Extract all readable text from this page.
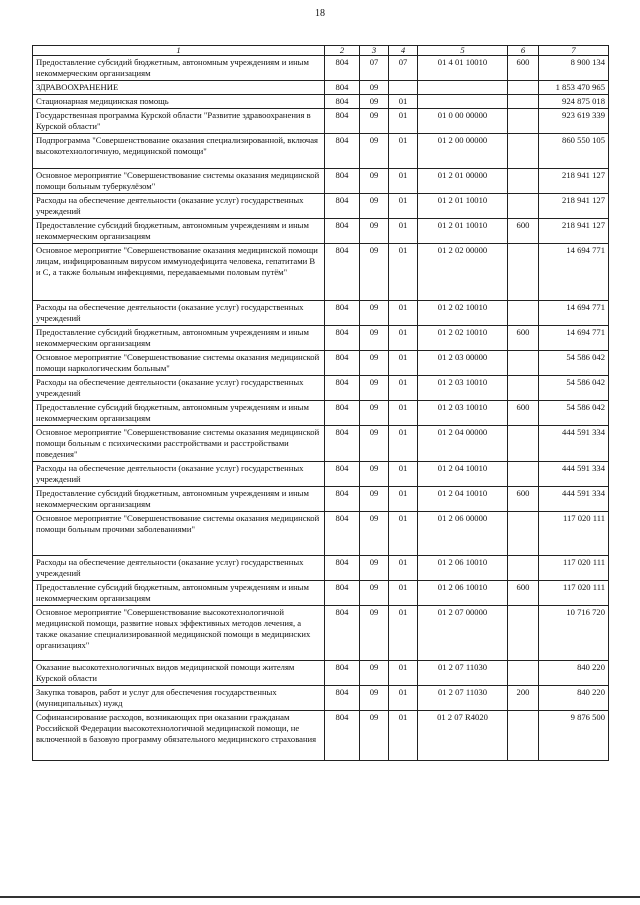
18
1	2	3	4	5	6	7
Предоставление субсидий бюджетным, автономным учреждениям и иным некоммерческим организациям	804	07	07	01 4 01 10010	600	8 900 134
ЗДРАВООХРАНЕНИЕ	804	09				1 853 470 965
Стационарная медицинская помощь	804	09	01			924 875 018
Государственная программа Курской области "Развитие здравоохранения в Курской области"	804	09	01	01 0 00 00000		923 619 339
Подпрограмма "Совершенствование оказания специализированной, включая высокотехнологичную, медицинской помощи"	804	09	01	01 2 00 00000		860 550 105
Основное мероприятие "Совершенствование системы оказания медицинской помощи больным туберкулёзом"	804	09	01	01 2 01 00000		218 941 127
Расходы на обеспечение деятельности (оказание услуг) государственных учреждений	804	09	01	01 2 01 10010		218 941 127
Предоставление субсидий бюджетным, автономным учреждениям и иным некоммерческим организациям	804	09	01	01 2 01 10010	600	218 941 127
Основное мероприятие "Совершенствование оказания медицинской помощи лицам, инфицированным вирусом иммунодефицита человека, гепатитами В и С, а также больным инфекциями, передаваемыми половым путём"	804	09	01	01 2 02 00000		14 694 771
Расходы на обеспечение деятельности (оказание услуг) государственных учреждений	804	09	01	01 2 02 10010		14 694 771
Предоставление субсидий бюджетным, автономным учреждениям и иным некоммерческим организациям	804	09	01	01 2 02 10010	600	14 694 771
Основное мероприятие "Совершенствование системы оказания медицинской помощи наркологическим больным"	804	09	01	01 2 03 00000		54 586 042
Расходы на обеспечение деятельности (оказание услуг) государственных учреждений	804	09	01	01 2 03 10010		54 586 042
Предоставление субсидий бюджетным, автономным учреждениям и иным некоммерческим организациям	804	09	01	01 2 03 10010	600	54 586 042
Основное мероприятие "Совершенствование системы оказания медицинской помощи больным с психическими расстройствами и расстройствами поведения"	804	09	01	01 2 04 00000		444 591 334
Расходы на обеспечение деятельности (оказание услуг) государственных учреждений	804	09	01	01 2 04 10010		444 591 334
Предоставление субсидий бюджетным, автономным учреждениям и иным некоммерческим организациям	804	09	01	01 2 04 10010	600	444 591 334
Основное мероприятие "Совершенствование системы оказания медицинской помощи больным прочими заболеваниями"	804	09	01	01 2 06 00000		117 020 111
Расходы на обеспечение деятельности (оказание услуг) государственных учреждений	804	09	01	01 2 06 10010		117 020 111
Предоставление субсидий бюджетным, автономным учреждениям и иным некоммерческим организациям	804	09	01	01 2 06 10010	600	117 020 111
Основное мероприятие "Совершенствование высокотехнологичной медицинской помощи, развитие новых эффективных методов лечения, а также оказание специализированной медицинской помощи в медицинских организациях"	804	09	01	01 2 07 00000		10 716 720
Оказание высокотехнологичных видов медицинской помощи жителям Курской области	804	09	01	01 2 07 11030		840 220
Закупка товаров, работ и услуг для обеспечения государственных (муниципальных) нужд	804	09	01	01 2 07 11030	200	840 220
Софинансирование расходов, возникающих при оказании гражданам Российской Федерации высокотехнологичной медицинской помощи, не включенной в базовую программу обязательного медицинского страхования	804	09	01	01 2 07 R4020		9 876 500
